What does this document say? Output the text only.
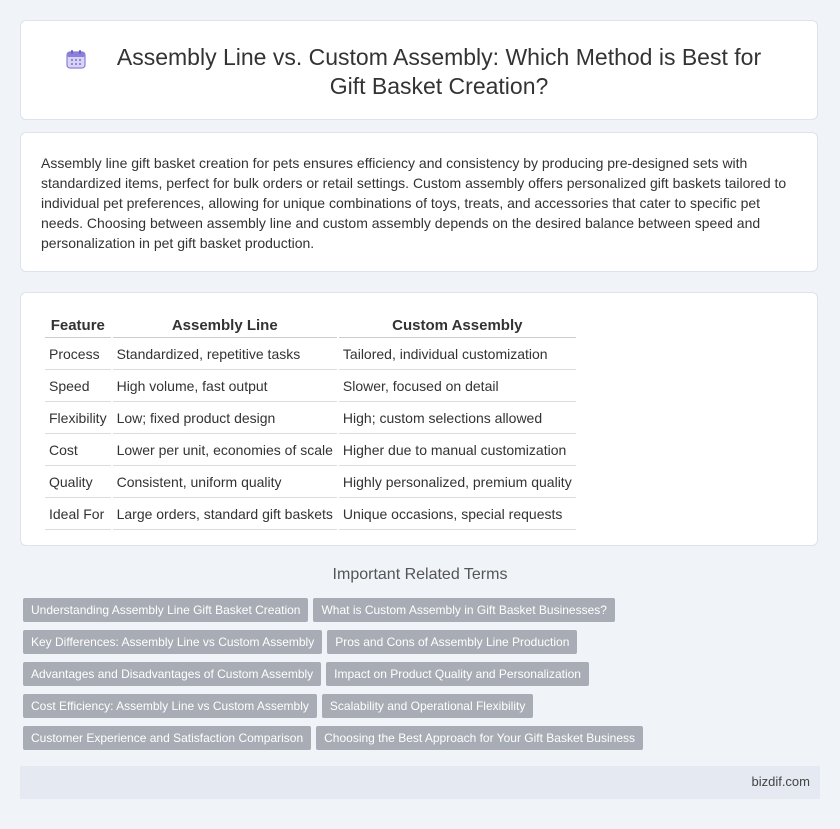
Assembly Line vs. Custom Assembly: Which Method is Best for Gift Basket Creation?
Assembly line gift basket creation for pets ensures efficiency and consistency by producing pre-designed sets with standardized items, perfect for bulk orders or retail settings. Custom assembly offers personalized gift baskets tailored to individual pet preferences, allowing for unique combinations of toys, treats, and accessories that cater to specific pet needs. Choosing between assembly line and custom assembly depends on the desired balance between speed and personalization in pet gift basket production.
Feature	Assembly Line	Custom Assembly
Process	Standardized, repetitive tasks	Tailored, individual customization
Speed	High volume, fast output	Slower, focused on detail
Flexibility	Low; fixed product design	High; custom selections allowed
Cost	Lower per unit, economies of scale	Higher due to manual customization
Quality	Consistent, uniform quality	Highly personalized, premium quality
Ideal For	Large orders, standard gift baskets	Unique occasions, special requests
Important Related Terms
Understanding Assembly Line Gift Basket Creation What is Custom Assembly in Gift Basket Businesses?
Key Differences: Assembly Line vs Custom Assembly Pros and Cons of Assembly Line Production
Advantages and Disadvantages of Custom Assembly Impact on Product Quality and Personalization
Cost Efficiency: Assembly Line vs Custom Assembly Scalability and Operational Flexibility
Customer Experience and Satisfaction Comparison Choosing the Best Approach for Your Gift Basket Business
bizdif.com
